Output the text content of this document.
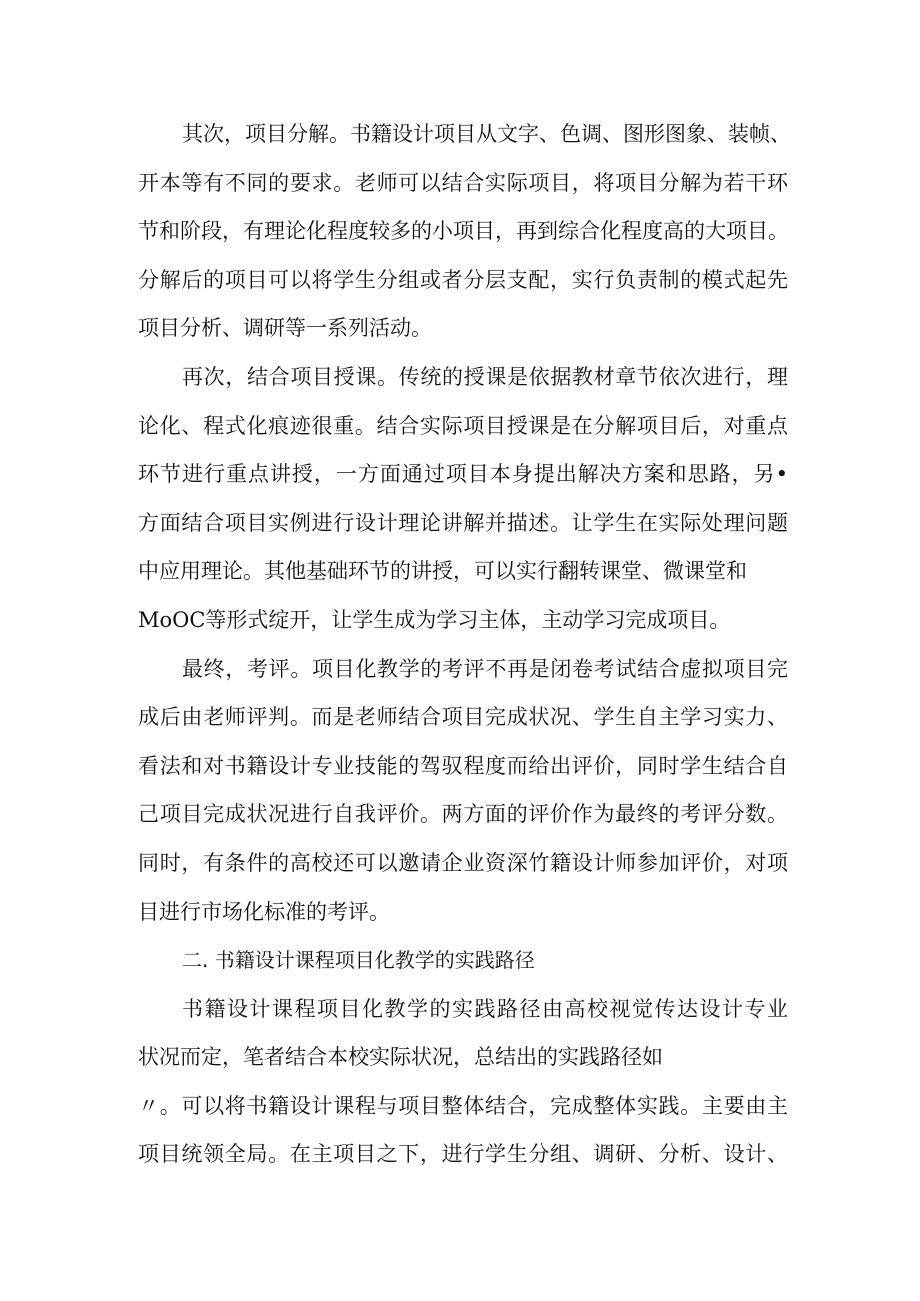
其次，项目分解。书籍设计项目从文字、色调、图形图象、装帧、
开本等有不同的要求。老师可以结合实际项目，将项目分解为若干环
节和阶段，有理论化程度较多的小项目，再到综合化程度高的大项目。
分解后的项目可以将学生分组或者分层支配，实行负责制的模式起先
项目分析、调研等一系列活动。
再次，结合项目授课。传统的授课是依据教材章节依次进行，理
论化、程式化痕迹很重。结合实际项目授课是在分解项目后，对重点
环节进行重点讲授，一方面通过项目本身提出解决方案和思路，另•
方面结合项目实例进行设计理论讲解并描述。让学生在实际处理问题
中应用理论。其他基础环节的讲授，可以实行翻转课堂、微课堂和
MoOC等形式绽开，让学生成为学习主体，主动学习完成项目。
最终，考评。项目化教学的考评不再是闭卷考试结合虚拟项目完
成后由老师评判。而是老师结合项目完成状况、学生自主学习实力、
看法和对书籍设计专业技能的驾驭程度而给出评价，同时学生结合自
己项目完成状况进行自我评价。两方面的评价作为最终的考评分数。
同时，有条件的高校还可以邀请企业资深竹籍设计师参加评价，对项
目进行市场化标准的考评。
二. 书籍设计课程项目化教学的实践路径
书籍设计课程项目化教学的实践路径由高校视觉传达设计专业
状况而定，笔者结合本校实际状况，总结出的实践路径如
〃。可以将书籍设计课程与项目整体结合，完成整体实践。主要由主
项目统领全局。在主项目之下，进行学生分组、调研、分析、设计、
